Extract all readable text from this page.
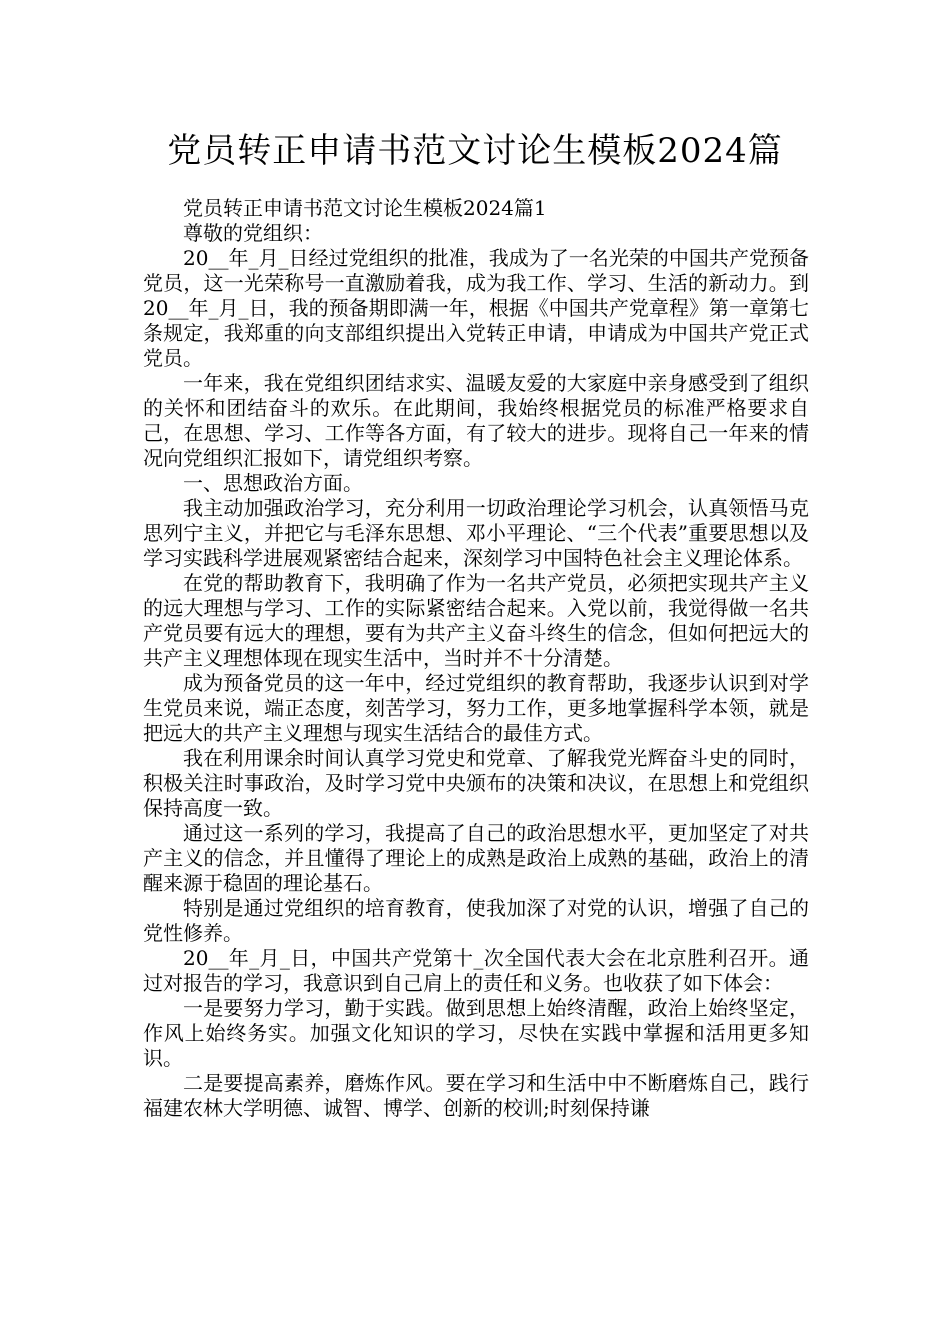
党员转正申请书范文讨论生模板2024篇

党员转正申请书范文讨论生模板2024篇1

尊敬的党组织：

20__年_月_日经过党组织的批准，我成为了一名光荣的中国共产党预备党员，这一光荣称号一直激励着我，成为我工作、学习、生活的新动力。到20__年_月_日，我的预备期即满一年，根据《中国共产党章程》第一章第七条规定，我郑重的向支部组织提出入党转正申请，申请成为中国共产党正式党员。

一年来，我在党组织团结求实、温暖友爱的大家庭中亲身感受到了组织的关怀和团结奋斗的欢乐。在此期间，我始终根据党员的标准严格要求自己，在思想、学习、工作等各方面，有了较大的进步。现将自己一年来的情况向党组织汇报如下，请党组织考察。

一、思想政治方面。

我主动加强政治学习，充分利用一切政治理论学习机会，认真领悟马克思列宁主义，并把它与毛泽东思想、邓小平理论、“三个代表”重要思想以及学习实践科学进展观紧密结合起来，深刻学习中国特色社会主义理论体系。

在党的帮助教育下，我明确了作为一名共产党员，必须把实现共产主义的远大理想与学习、工作的实际紧密结合起来。入党以前，我觉得做一名共产党员要有远大的理想，要有为共产主义奋斗终生的信念，但如何把远大的共产主义理想体现在现实生活中，当时并不十分清楚。

成为预备党员的这一年中，经过党组织的教育帮助，我逐步认识到对学生党员来说，端正态度，刻苦学习，努力工作，更多地掌握科学本领，就是把远大的共产主义理想与现实生活结合的最佳方式。

我在利用课余时间认真学习党史和党章、了解我党光辉奋斗史的同时，积极关注时事政治，及时学习党中央颁布的决策和决议，在思想上和党组织保持高度一致。

通过这一系列的学习，我提高了自己的政治思想水平，更加坚定了对共产主义的信念，并且懂得了理论上的成熟是政治上成熟的基础，政治上的清醒来源于稳固的理论基石。

特别是通过党组织的培育教育，使我加深了对党的认识，增强了自己的党性修养。

20__年_月_日，中国共产党第十_次全国代表大会在北京胜利召开。通过对报告的学习，我意识到自己肩上的责任和义务。也收获了如下体会：

一是要努力学习，勤于实践。做到思想上始终清醒，政治上始终坚定，作风上始终务实。加强文化知识的学习，尽快在实践中掌握和活用更多知识。

二是要提高素养，磨炼作风。要在学习和生活中中不断磨炼自己，践行福建农林大学明德、诚智、博学、创新的校训;时刻保持谦
